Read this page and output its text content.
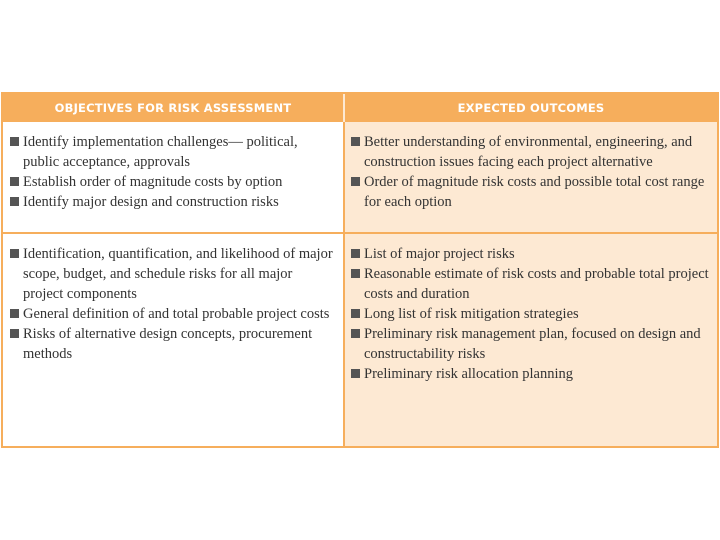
OBJECTIVES FOR RISK ASSESSMENT	EXPECTED OUTCOMES
Identify implementation challenges— political, public acceptance, approvals
Establish order of magnitude costs by option
Identify major design and construction risks
Better understanding of environmental, engineering, and construction issues facing each project alternative
Order of magnitude risk costs and possible total cost range for each option
Identification, quantification, and likelihood of major scope, budget, and schedule risks for all major project components
General definition of and total probable project costs
Risks of alternative design concepts, procurement methods
List of major project risks
Reasonable estimate of risk costs and probable total project costs and duration
Long list of risk mitigation strategies
Preliminary risk management plan, focused on design and constructability risks
Preliminary risk allocation planning
